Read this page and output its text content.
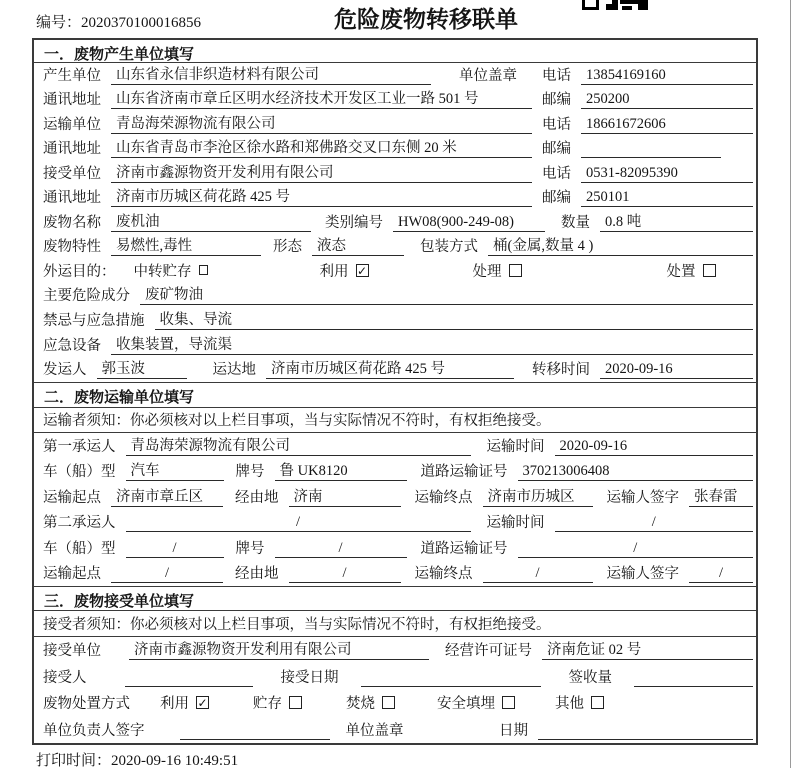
编号：2020370100016856	危险废物转移联单
一．废物产生单位填写
产生单位	山东省永信非织造材料有限公司	单位盖章 电话	13854169160
通讯地址	山东省济南市章丘区明水经济技术开发区工业一路 501 号	邮编	250200
运输单位	青岛海荣源物流有限公司	电话	18661672606
通讯地址	山东省青岛市李沧区徐水路和郑佛路交叉口东侧 20 米	邮编
接受单位	济南市鑫源物资开发利用有限公司	电话	0531-82095390
通讯地址	济南市历城区荷花路 425 号	邮编	250101
废物名称	废机油	类别编号	HW08(900-249-08)	数量	0.8 吨
废物特性	易燃性,毒性	形态	液态	包装方式	桶(金属,数量 4 )
外运目的： 中转贮存	利用 ✓	处理	处置
主要危险成分	废矿物油
禁忌与应急措施	收集、导流
应急设备	收集装置，导流渠
发运人	郭玉波	运达地	济南市历城区荷花路 425 号	转移时间	2020-09-16
二．废物运输单位填写
运输者须知： 你必须核对以上栏目事项，当与实际情况不符时，有权拒绝接受。
第一承运人	青岛海荣源物流有限公司	运输时间	2020-09-16
车（船）型	汽车	牌号	鲁 UK8120	道路运输证号	370213006408
运输起点	济南市章丘区	经由地	济南	运输终点	济南市历城区	运输人签字	张春雷
第二承运人	/	运输时间	/
车（船）型	/	牌号	/	道路运输证号	/
运输起点	/	经由地	/	运输终点	/	运输人签字	/
三．废物接受单位填写
接受者须知： 你必须核对以上栏目事项，当与实际情况不符时，有权拒绝接受。
接受单位	济南市鑫源物资开发利用有限公司	经营许可证号	济南危证 02 号
接受人	接受日期	签收量
废物处置方式 利用 ✓	贮存	焚烧	安全填埋	其他
单位负责人签字	单位盖章	日期
打印时间：2020-09-16 10:49:51
